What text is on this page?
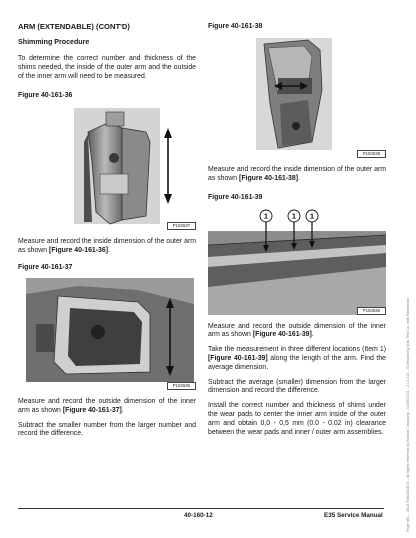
ARM (EXTENDABLE) (CONT'D)

Shimming Procedure

To determine the correct number and thickness of the shims needed, the inside of the outer arm and the outside of the inner arm will need to be measured.

Figure 40-161-36

P103637

Measure and record the inside dimension of the outer arm as shown [Figure 40-161-36].

Figure 40-161-37

P103635

Measure and record the outside dimension of the inner arm as shown [Figure 40-161-37].

Subtract the smaller number from the larger number and record the difference.

Figure 40-161-38

P103638

Measure and record the inside dimension of the outer arm as shown [Figure 40-161-38].

Figure 40-161-39

1	1 1
P103636

Measure and record the outside dimension of the inner arm as shown [Figure 40-161-39].

Take the measurement in three different locations (Item 1) [Figure 40-161-39] along the length of the arm. Find the average dimension.

Subtract the average (smaller) dimension from the larger dimension and record the difference.

Install the correct number and thickness of shims under the wear pads to center the inner arm inside of the outer arm and obtain 0,0 - 0,5 mm (0.0 - 0.02 in) clearance between the wear pads and inner / outer arm assemblies.

40-160-12	E35 Service Manual	Page 681 - 2018 9360302E15 - All rights reserved by Bobcat Company - 01/06/2021 - 21:14:01 - Extended by Bob Test Co. with Watermark
